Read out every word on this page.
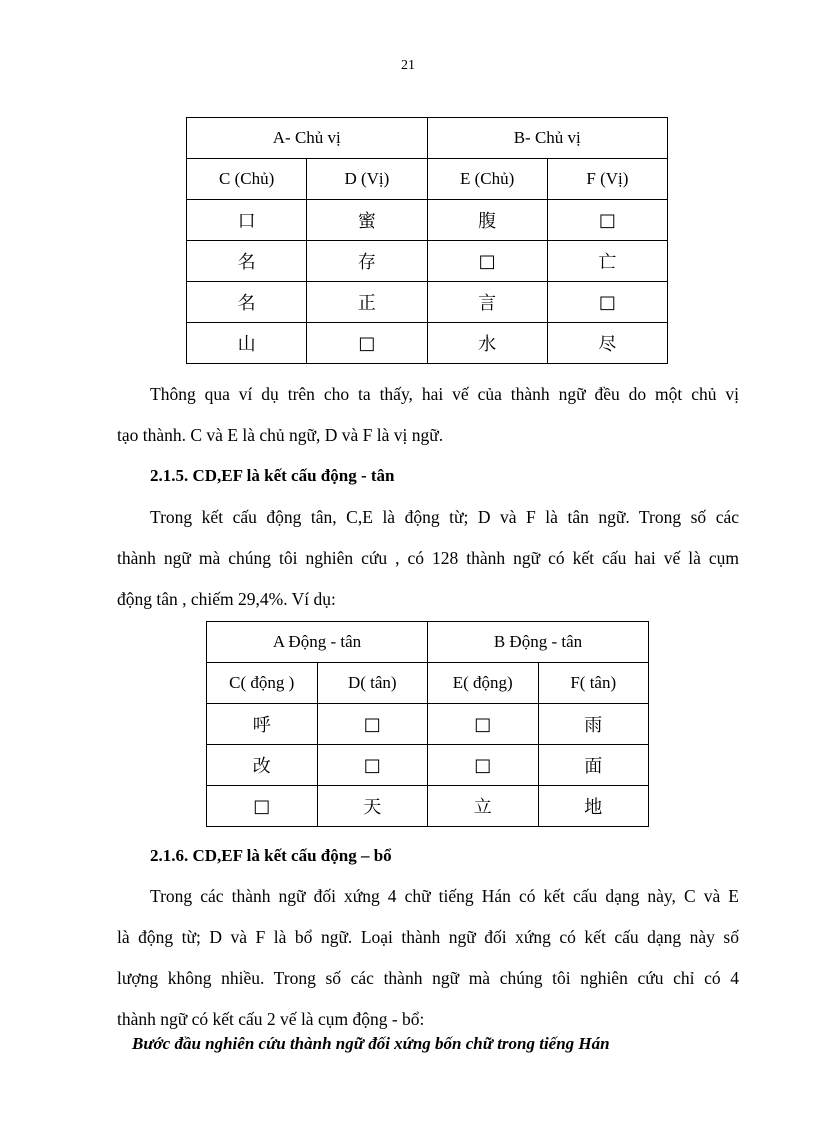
21
A- Chủ vị		B- Chủ vị	
C (Chủ)	D (Vị)	E (Chủ)	F (Vị)
口	蜜	腹	□
名	存	□	亡
名	正	言	□
山	□	水	尽

Thông qua ví dụ trên cho ta thấy, hai vế của thành ngữ đều do một chủ vị

tạo thành. C và E là chủ ngữ, D và F là vị ngữ.

2.1.5. CD,EF là kết cấu động - tân

Trong kết cấu động tân, C,E là động từ; D và F là tân ngữ. Trong số các

thành ngữ mà chúng tôi nghiên cứu , có 128 thành ngữ có kết cấu hai vế là cụm

động tân , chiếm 29,4%. Ví dụ:

A Động - tân		B Động - tân	
C( động )	D( tân)	E( động)	F( tân)
呼	□	□	雨
改	□	□	面
□	天	立	地

2.1.6. CD,EF là kết cấu động – bổ

Trong các thành ngữ đối xứng 4 chữ tiếng Hán có kết cấu dạng này, C và E

là động từ; D và F là bổ ngữ. Loại thành ngữ đối xứng có kết cấu dạng này số

lượng không nhiều. Trong số các thành ngữ mà chúng tôi nghiên cứu chỉ có 4

thành ngữ có kết cấu 2 vế là cụm động - bổ:

Bước đầu nghiên cứu thành ngữ đối xứng bốn chữ trong tiếng Hán
